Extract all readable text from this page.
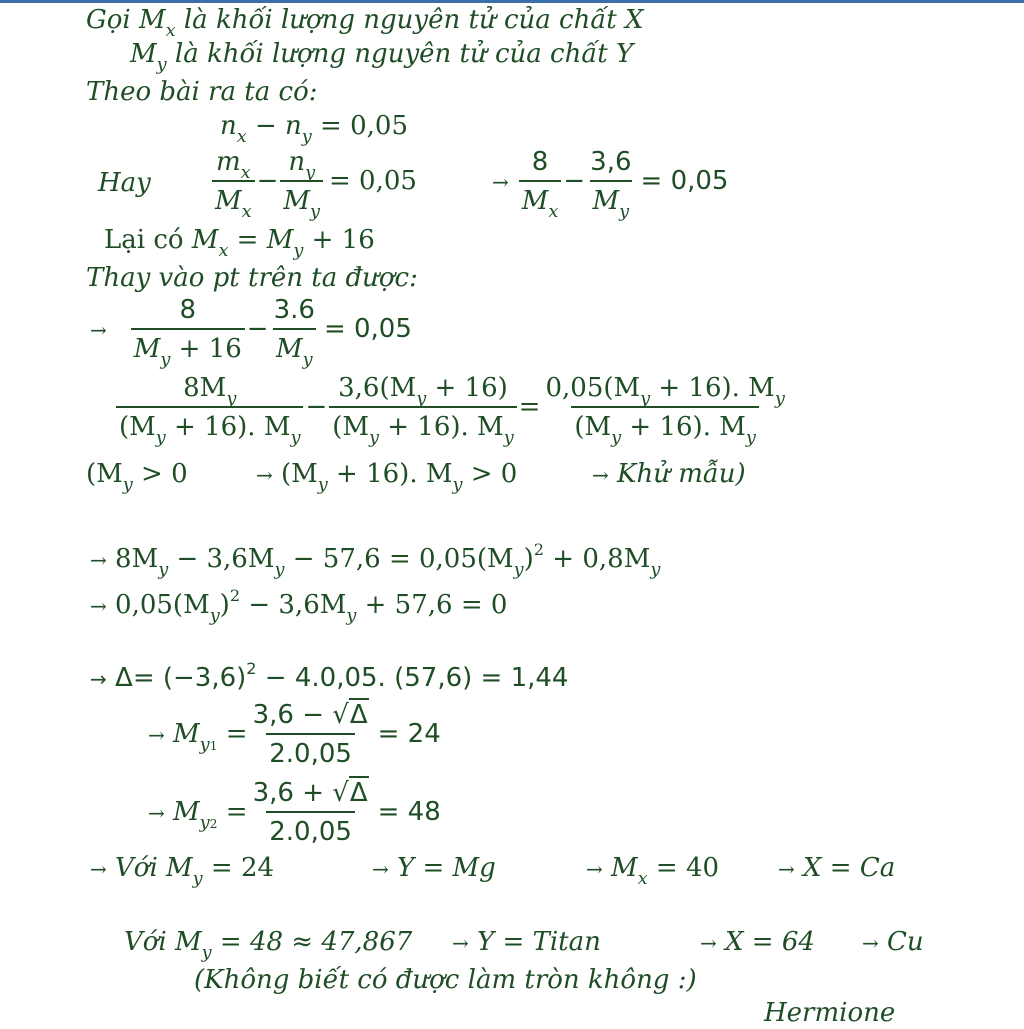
Gọi $M_x$ là khối lượng nguyên tử của chất X
$M_y$ là khối lượng nguyên tử của chất Y
Theo bài ra ta có:
$n_x - n_y = 0,05$
Hay $\frac{m_x}{M_x} - \frac{n_y}{M_y} = 0,05$	→ $\frac{8}{M_x} - \frac{3,6}{M_y} = 0,05$
Lại có $M_x = M_y + 16$
Thay vào pt trên ta được:
→ $\frac{8}{M_y + 16} - \frac{3.6}{M_y} = 0,05$
$\frac{8M_y}{(M_y + 16). M_y} - \frac{3,6(M_y + 16)}{(M_y + 16). M_y} = \frac{0,05(M_y + 16). M_y}{(M_y + 16). M_y}$
($M_y > 0$	→ $(M_y + 16)$. $M_y > 0$	→ Khử mẫu)
→ $8M_y - 3,6M_y - 57,6 = 0,05(M_y)^2 + 0,8M_y$
→ $0,05(M_y)^2 - 3,6M_y + 57,6 = 0$
→ $\Delta= (-3,6)^2 - 4.0,05$. (57,6) = 1,44
→ $M_{y1} = \frac{3,6 - √\Delta}{2.0,05} = 24$
→ $M_{y2} = \frac{3,6 + √\Delta}{2.0,05} = 48$
→ Với $M_y = 24$	→ Y = Mg	→ $M_x = 40$	→ X = Ca
Với $M_y = 48 \approx 47,867 \to Y = Titan$	→ X = 64 → Cu
(Không biết có được làm tròn không :)
Hermione
